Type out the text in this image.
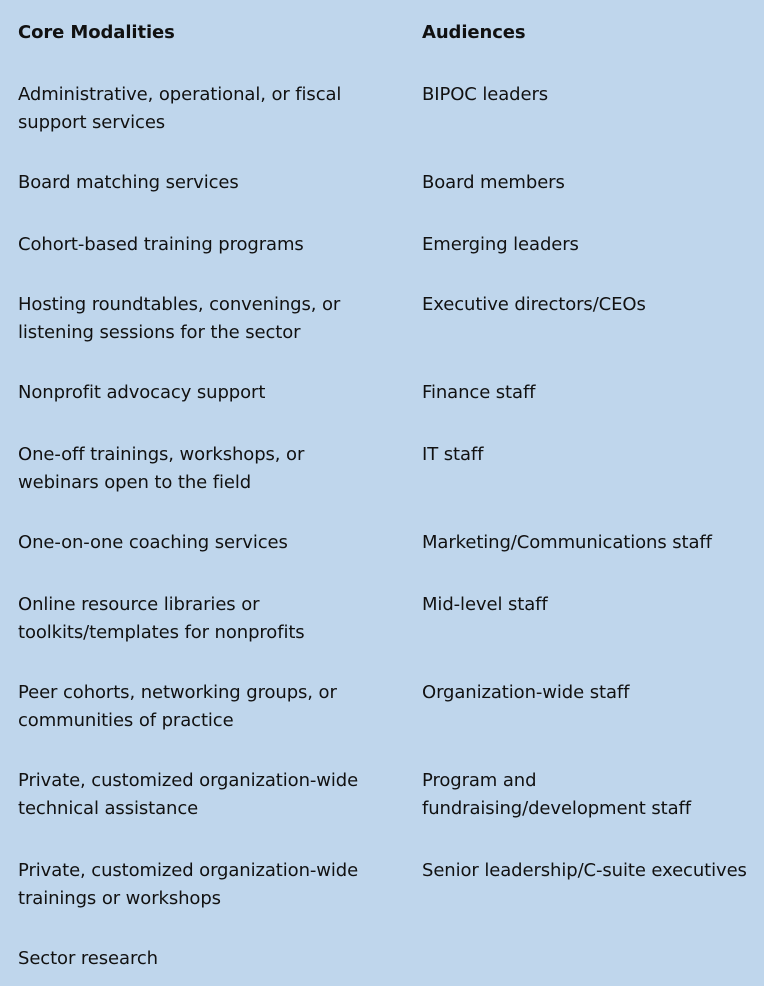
Core Modalities	Audiences
Administrative, operational, or fiscal
support services
Board matching services
Cohort-based training programs
Hosting roundtables, convenings, or
listening sessions for the sector
Nonprofit advocacy support
One-off trainings, workshops, or
webinars open to the field
One-on-one coaching services
Online resource libraries or
toolkits/templates for nonprofits
Peer cohorts, networking groups, or
communities of practice
Private, customized organization-wide
technical assistance
Private, customized organization-wide
trainings or workshops
Sector research
BIPOC leaders
Board members
Emerging leaders
Executive directors/CEOs
Finance staff
IT staff
Marketing/Communications staff
Mid-level staff
Organization-wide staff
Program and
fundraising/development staff
Senior leadership/C-suite executives
